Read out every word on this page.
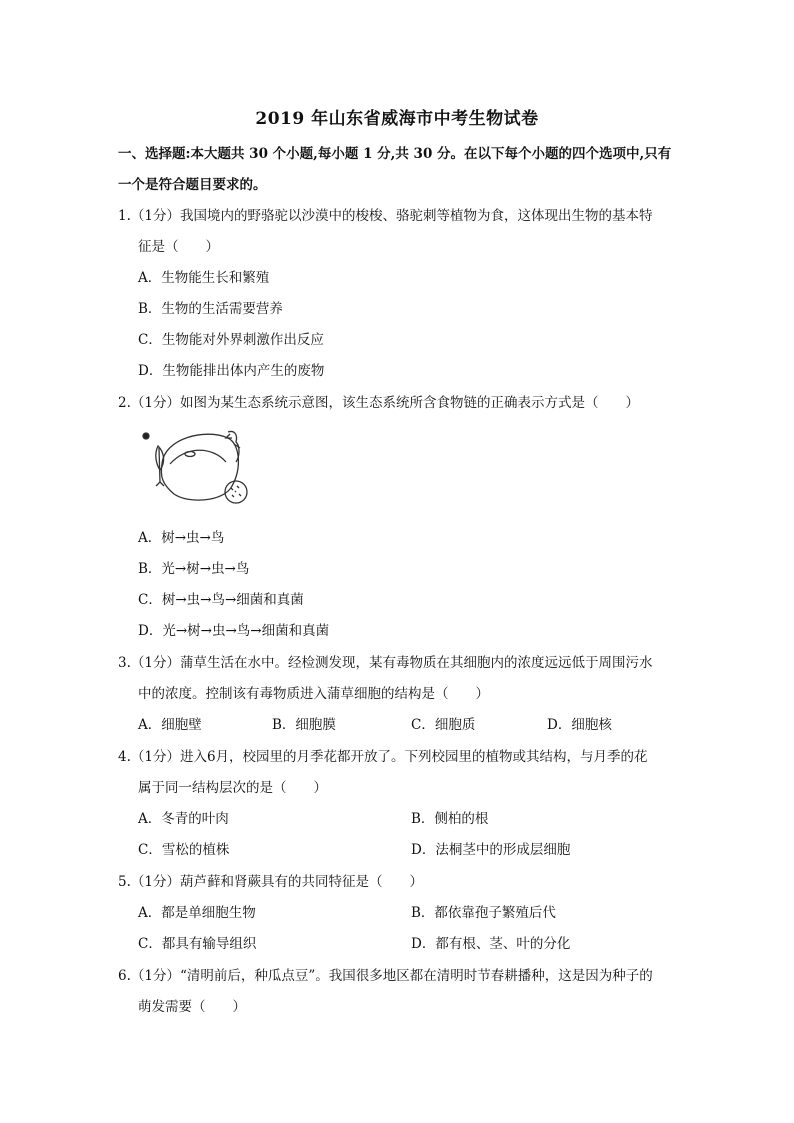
2019 年山东省威海市中考生物试卷
一、选择题:本大题共 30 个小题,每小题 1 分,共 30 分。在以下每个小题的四个选项中,只有
一个是符合题目要求的。
1.（1分）我国境内的野骆驼以沙漠中的梭梭、骆驼刺等植物为食，这体现出生物的基本特
征是（　　）
A．生物能生长和繁殖
B．生物的生活需要营养
C．生物能对外界刺激作出反应
D．生物能排出体内产生的废物
2.（1分）如图为某生态系统示意图，该生态系统所含食物链的正确表示方式是（　　）
A．树→虫→鸟
B．光→树→虫→鸟
C．树→虫→鸟→细菌和真菌
D．光→树→虫→鸟→细菌和真菌
3.（1分）蒲草生活在水中。经检测发现，某有毒物质在其细胞内的浓度远远低于周围污水
中的浓度。控制该有毒物质进入蒲草细胞的结构是（　　）
A．细胞壁	B．细胞膜	C．细胞质	D．细胞核
4.（1分）进入6月，校园里的月季花都开放了。下列校园里的植物或其结构，与月季的花
属于同一结构层次的是（　　）
A．冬青的叶肉	B．侧柏的根
C．雪松的植株	D．法桐茎中的形成层细胞
5.（1分）葫芦藓和肾蕨具有的共同特征是（　　）
A．都是单细胞生物	B．都依靠孢子繁殖后代
C．都具有输导组织	D．都有根、茎、叶的分化
6.（1分）“清明前后，种瓜点豆”。我国很多地区都在清明时节春耕播种，这是因为种子的
萌发需要（　　）
